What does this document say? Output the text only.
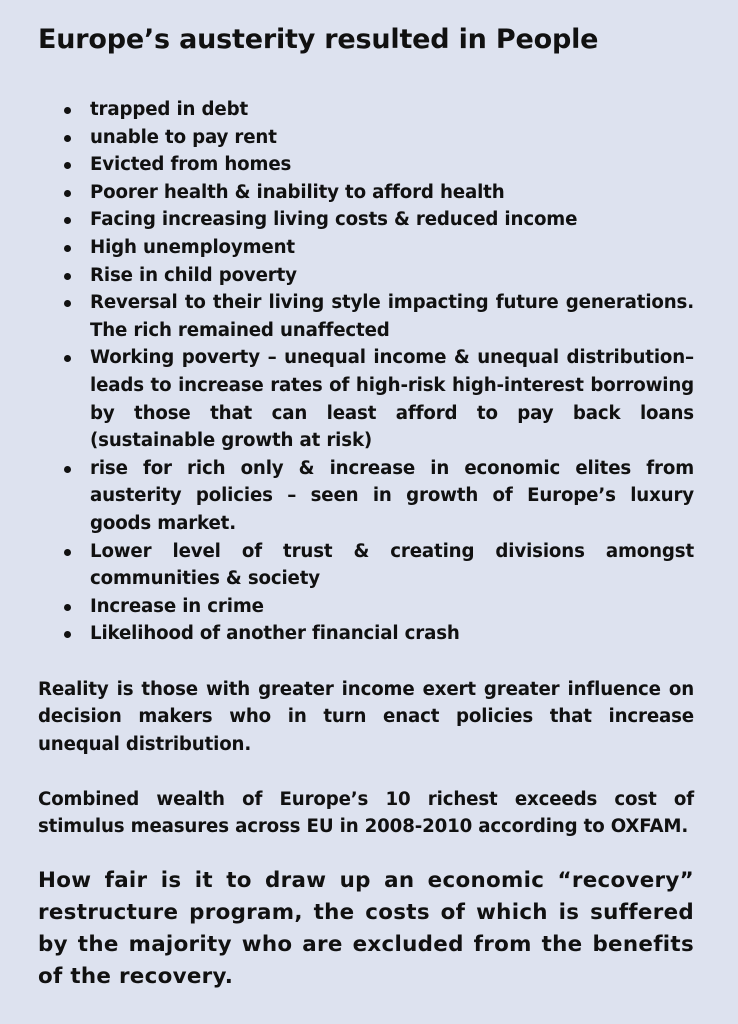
Europe’s austerity resulted in People
trapped in debt
unable to pay rent
Evicted from homes
Poorer health & inability to afford health
Facing increasing living costs & reduced income
High unemployment
Rise in child poverty
Reversal to their living style impacting future generations. The rich remained unaffected
Working poverty – unequal income & unequal distribution– leads to increase rates of high-risk high-interest borrowing by those that can least afford to pay back loans (sustainable growth at risk)
rise for rich only & increase in economic elites from austerity policies – seen in growth of Europe’s luxury goods market.
Lower level of trust & creating divisions amongst communities & society
Increase in crime
Likelihood of another financial crash

Reality is those with greater income exert greater influence on decision makers who in turn enact policies that increase unequal distribution.

Combined wealth of Europe’s 10 richest exceeds cost of stimulus measures across EU in 2008-2010 according to OXFAM.

How fair is it to draw up an economic “recovery” restructure program, the costs of which is suffered by the majority who are excluded from the benefits of the recovery.
